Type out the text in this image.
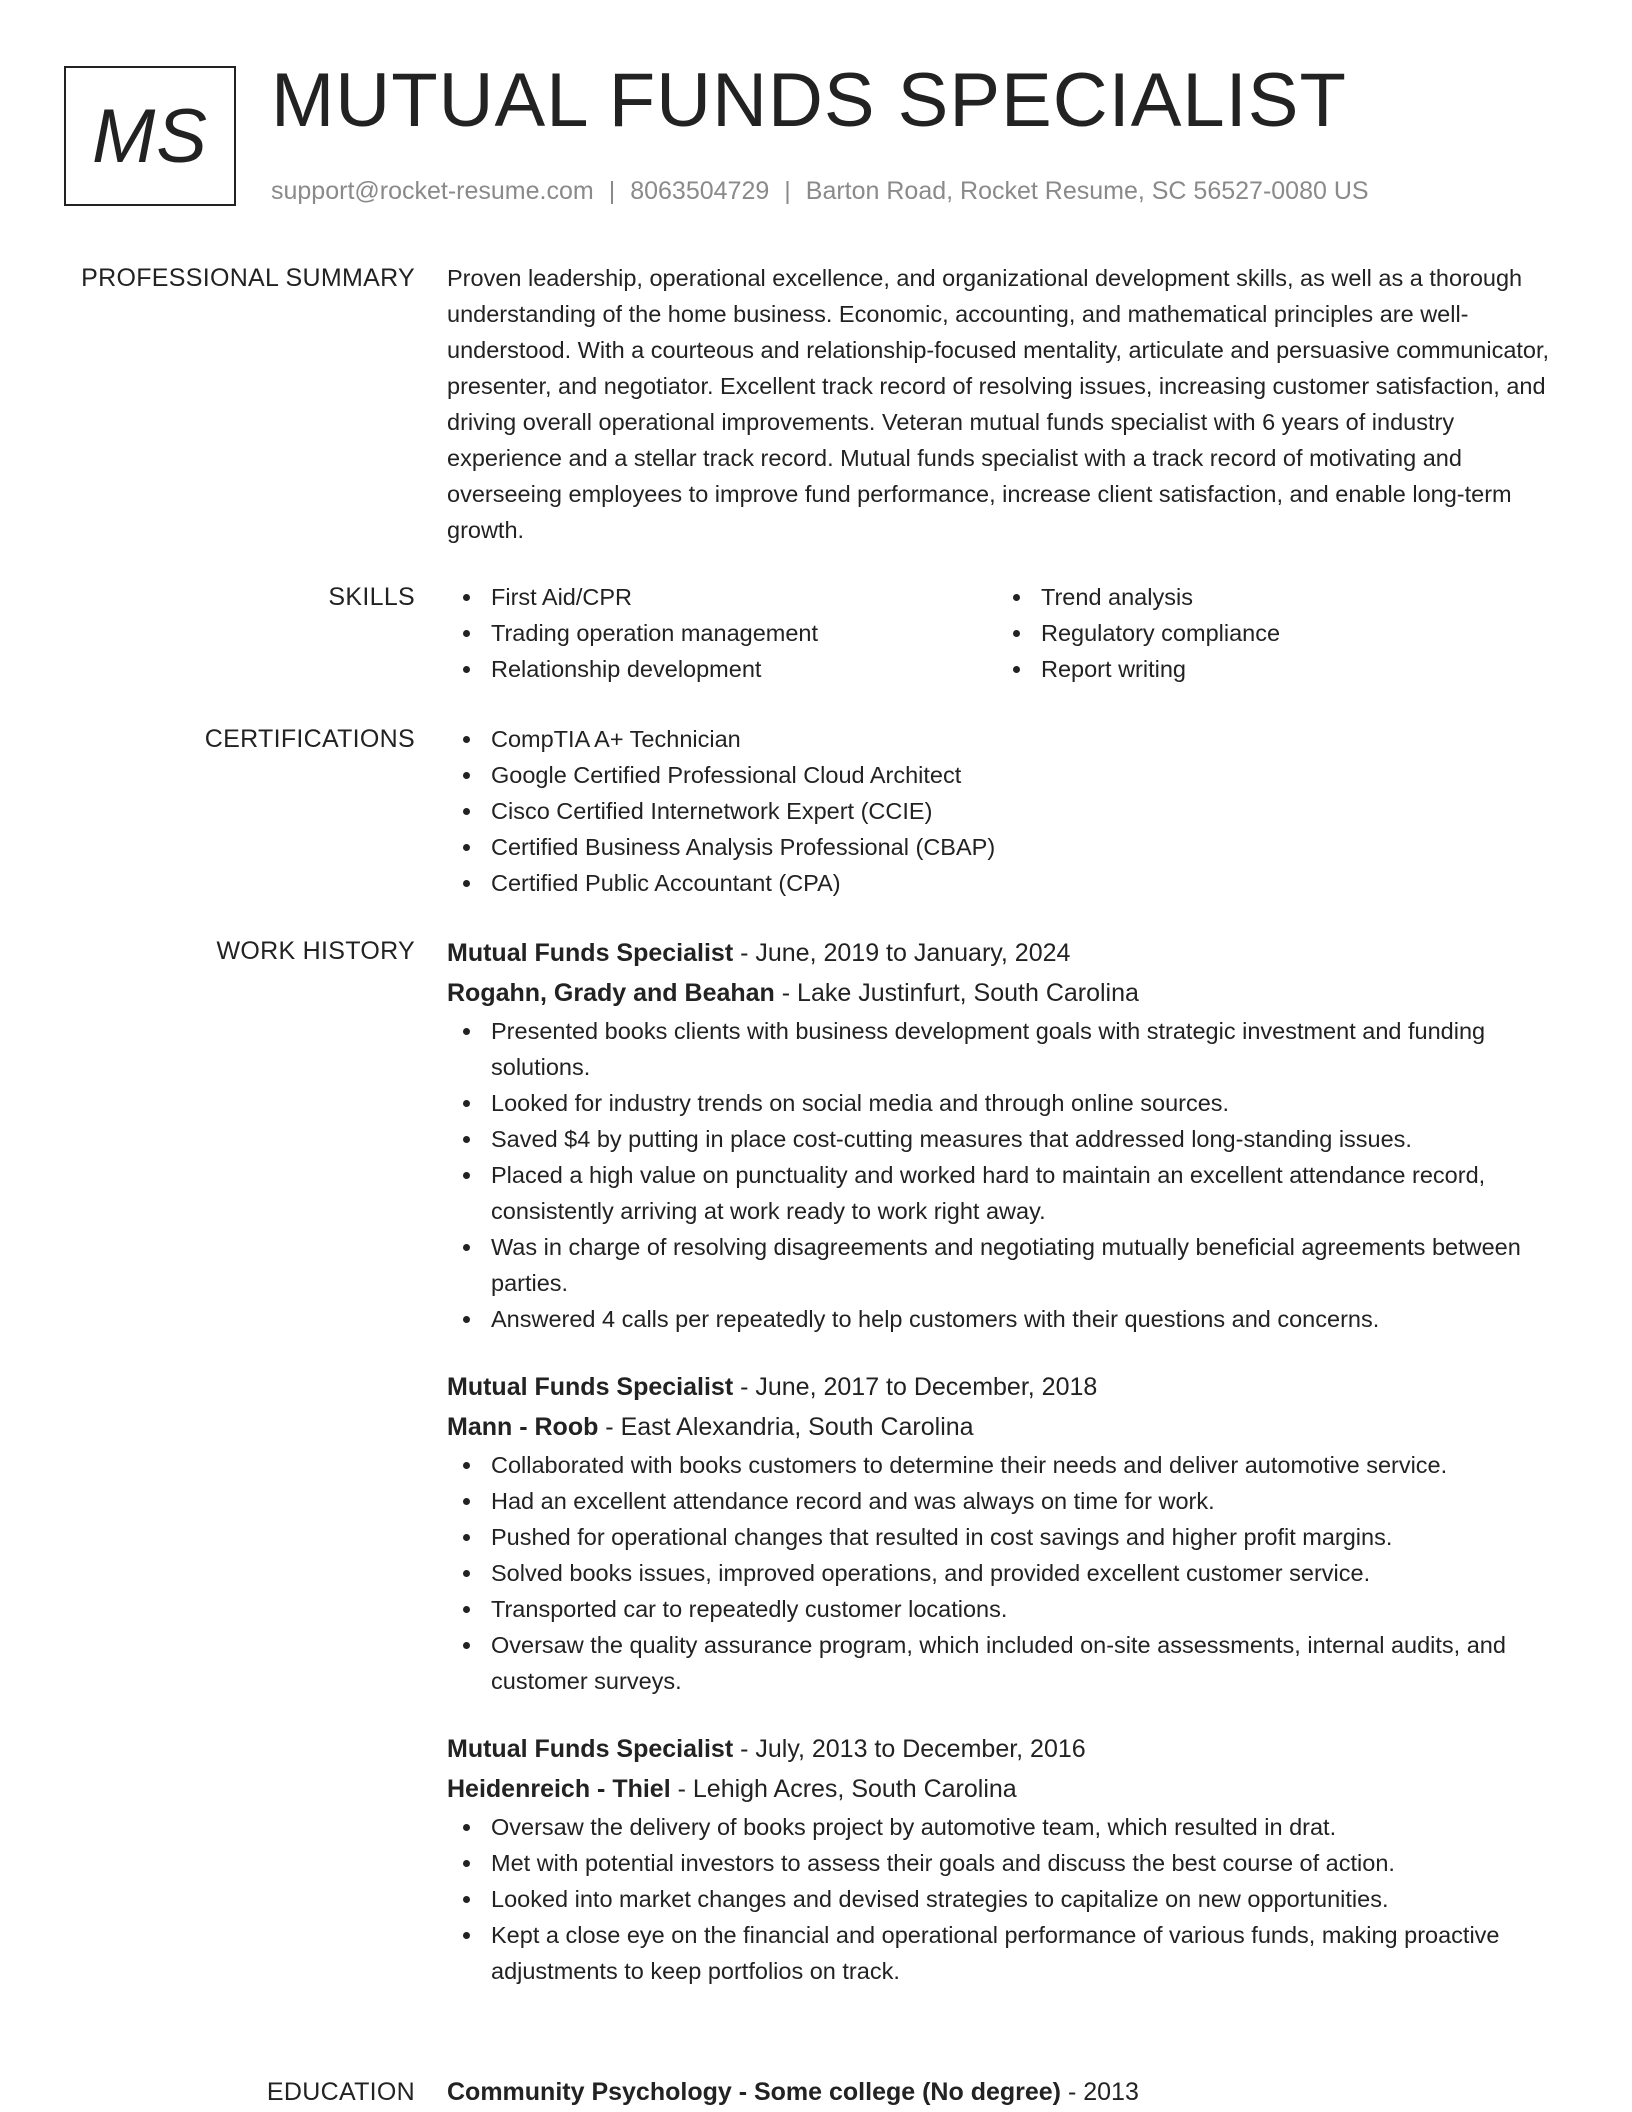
MS MUTUAL FUNDS SPECIALIST
support@rocket-resume.com | 8063504729 | Barton Road, Rocket Resume, SC 56527-0080 US
PROFESSIONAL SUMMARY Proven leadership, operational excellence, and organizational development skills, as well as a thorough understanding of the home business. Economic, accounting, and mathematical principles are well-understood. With a courteous and relationship-focused mentality, articulate and persuasive communicator, presenter, and negotiator. Excellent track record of resolving issues, increasing customer satisfaction, and driving overall operational improvements. Veteran mutual funds specialist with 6 years of industry experience and a stellar track record. Mutual funds specialist with a track record of motivating and overseeing employees to improve fund performance, increase client satisfaction, and enable long-term growth.

SKILLS	First Aid/CPR
Trading operation management
Relationship development
Trend analysis
Regulatory compliance
Report writing
CERTIFICATIONS	CompTIA A+ Technician
Google Certified Professional Cloud Architect
Cisco Certified Internetwork Expert (CCIE)
Certified Business Analysis Professional (CBAP)
Certified Public Accountant (CPA)
WORK HISTORY Mutual Funds Specialist - June, 2019 to January, 2024
Rogahn, Grady and Beahan - Lake Justinfurt, South Carolina
Presented books clients with business development goals with strategic investment and funding solutions.
Looked for industry trends on social media and through online sources.
Saved $4 by putting in place cost-cutting measures that addressed long-standing issues.
Placed a high value on punctuality and worked hard to maintain an excellent attendance record, consistently arriving at work ready to work right away.
Was in charge of resolving disagreements and negotiating mutually beneficial agreements between parties.
Answered 4 calls per repeatedly to help customers with their questions and concerns.
Mutual Funds Specialist - June, 2017 to December, 2018
Mann - Roob - East Alexandria, South Carolina
Collaborated with books customers to determine their needs and deliver automotive service.
Had an excellent attendance record and was always on time for work.
Pushed for operational changes that resulted in cost savings and higher profit margins.
Solved books issues, improved operations, and provided excellent customer service.
Transported car to repeatedly customer locations.
Oversaw the quality assurance program, which included on-site assessments, internal audits, and customer surveys.
Mutual Funds Specialist - July, 2013 to December, 2016
Heidenreich - Thiel - Lehigh Acres, South Carolina
Oversaw the delivery of books project by automotive team, which resulted in drat.
Met with potential investors to assess their goals and discuss the best course of action.
Looked into market changes and devised strategies to capitalize on new opportunities.
Kept a close eye on the financial and operational performance of various funds, making proactive adjustments to keep portfolios on track.
EDUCATION Community Psychology - Some college (No degree) - 2013
